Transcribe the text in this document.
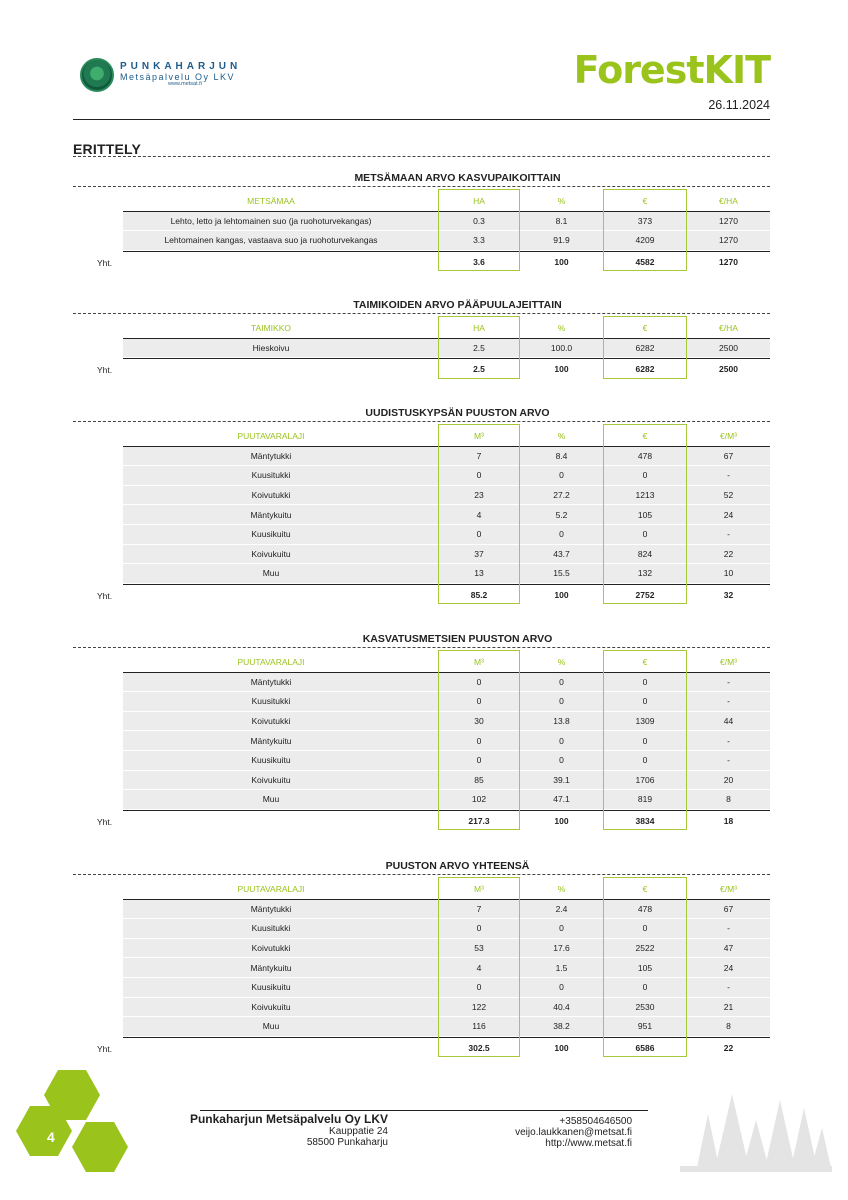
PUNKAHARJUN
Metsäpalvelu Oy LKV
www.metsat.fi	ForestKIT
26.11.2024
ERITTELY
METSÄMAAN ARVO KASVUPAIKOITTAIN
METSÄMAA	HA	%	€	€/HA
Lehto, letto ja lehtomainen suo (ja ruohoturvekangas)	0.3	8.1	373	1270
Lehtomainen kangas, vastaava suo ja ruohoturvekangas	3.3	91.9	4209	1270
Yht.	3.6	100	4582	1270
TAIMIKOIDEN ARVO PÄÄPUULAJEITTAIN
TAIMIKKO	HA	%	€	€/HA
Hieskoivu	2.5	100.0	6282	2500
Yht.	2.5	100	6282	2500
UUDISTUSKYPSÄN PUUSTON ARVO
PUUTAVARALAJI	M³	%	€	€/M³
Mäntytukki	7	8.4	478	67
Kuusitukki	0	0	0	-
Koivutukki	23	27.2	1213	52
Mäntykuitu	4	5.2	105	24
Kuusikuitu	0	0	0	-
Koivukuitu	37	43.7	824	22
Muu	13	15.5	132	10
Yht.	85.2	100	2752	32
KASVATUSMETSIEN PUUSTON ARVO
PUUTAVARALAJI	M³	%	€	€/M³
Mäntytukki	0	0	0	-
Kuusitukki	0	0	0	-
Koivutukki	30	13.8	1309	44
Mäntykuitu	0	0	0	-
Kuusikuitu	0	0	0	-
Koivukuitu	85	39.1	1706	20
Muu	102	47.1	819	8
Yht.	217.3	100	3834	18
PUUSTON ARVO YHTEENSÄ
PUUTAVARALAJI	M³	%	€	€/M³
Mäntytukki	7	2.4	478	67
Kuusitukki	0	0	0	-
Koivutukki	53	17.6	2522	47
Mäntykuitu	4	1.5	105	24
Kuusikuitu	0	0	0	-
Koivukuitu	122	40.4	2530	21
Muu	116	38.2	951	8
Yht.	302.5	100	6586	22
4
Punkaharjun Metsäpalvelu Oy LKV
Kauppatie 24
58500 Punkaharju
+358504646500
veijo.laukkanen@metsat.fi
http://www.metsat.fi
